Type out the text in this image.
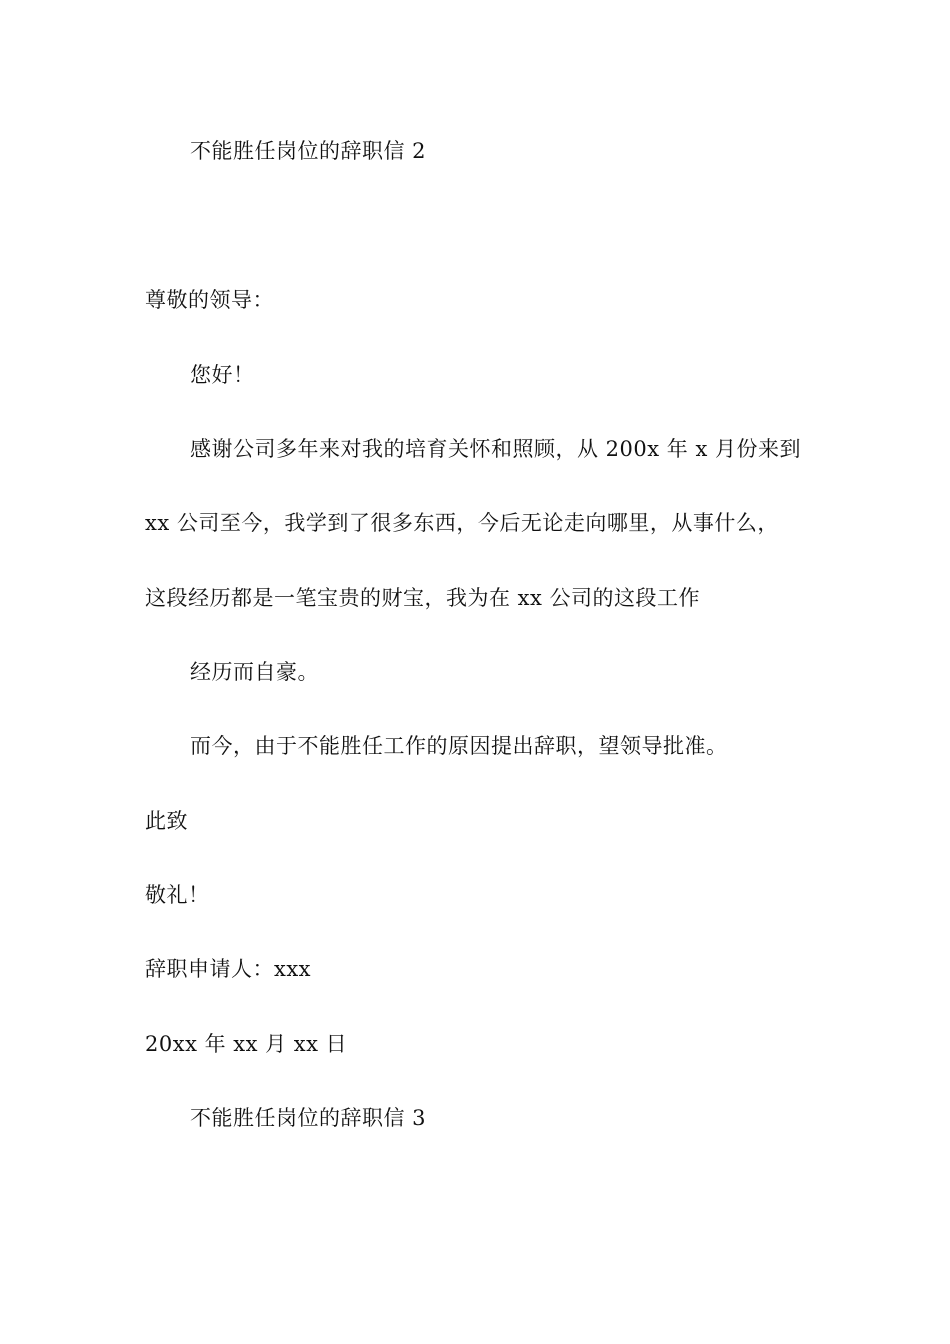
不能胜任岗位的辞职信 2
尊敬的领导：
您好！
感谢公司多年来对我的培育关怀和照顾，从 200x 年 x 月份来到
xx 公司至今，我学到了很多东西，今后无论走向哪里，从事什么，
这段经历都是一笔宝贵的财宝，我为在 xx 公司的这段工作
经历而自豪。
而今，由于不能胜任工作的原因提出辞职，望领导批准。
此致
敬礼！
辞职申请人：xxx
20xx 年 xx 月 xx 日
不能胜任岗位的辞职信 3
